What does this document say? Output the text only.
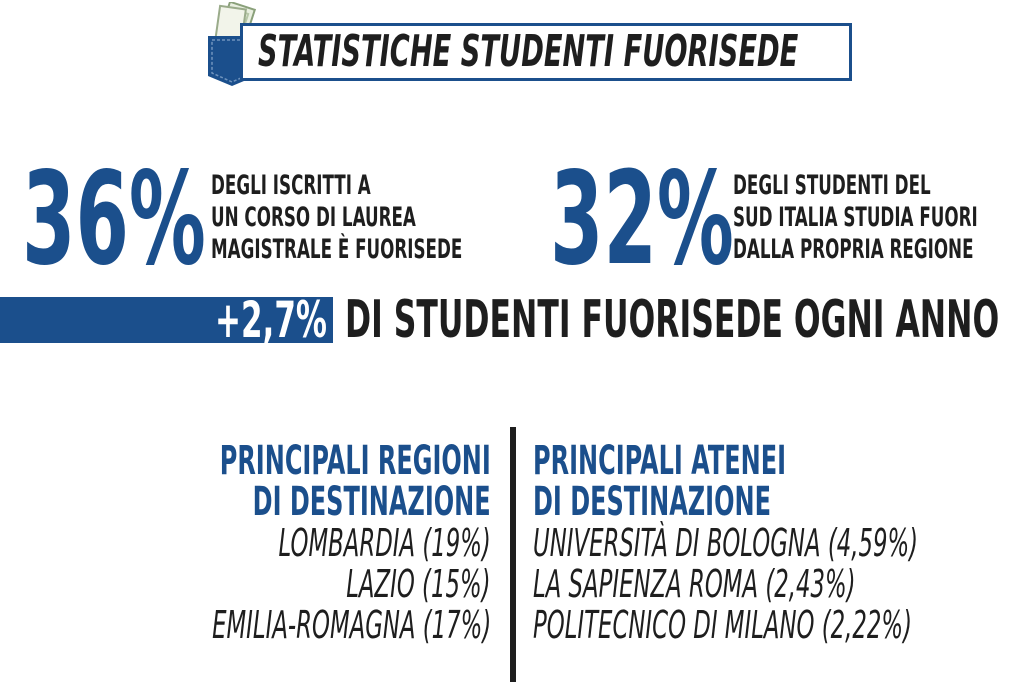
STATISTICHE STUDENTI FUORISEDE
36% DEGLI ISCRITTI A
UN CORSO DI LAUREA
MAGISTRALE È FUORISEDE 32% DEGLI STUDENTI DEL
SUD ITALIA STUDIA FUORI
DALLA PROPRIA REGIONE
+2,7% DI STUDENTI FUORISEDE OGNI ANNO
PRINCIPALI REGIONI
DI DESTINAZIONE
LOMBARDIA (19%)
LAZIO (15%)
EMILIA-ROMAGNA (17%)
PRINCIPALI ATENEI
DI DESTINAZIONE
UNIVERSITÀ DI BOLOGNA (4,59%)
LA SAPIENZA ROMA (2,43%)
POLITECNICO DI MILANO (2,22%)
